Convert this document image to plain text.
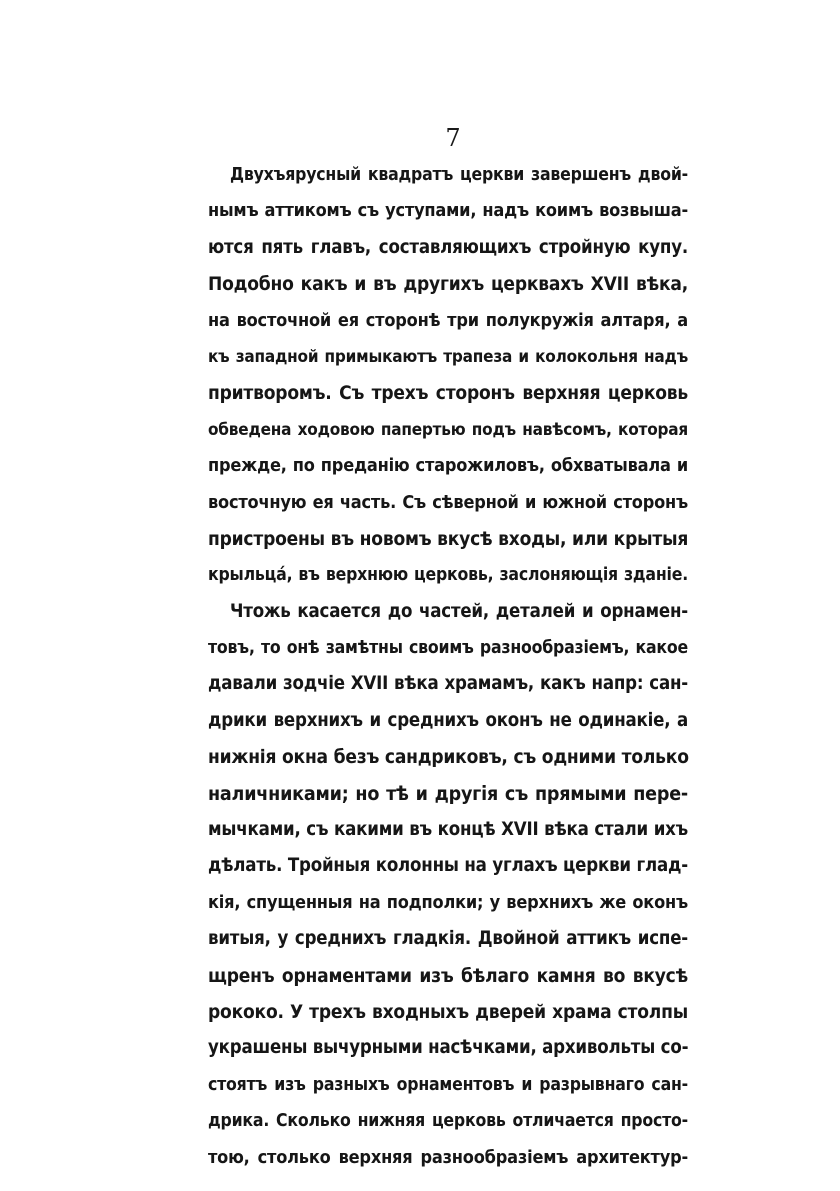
7
Двухъярусный квадратъ церкви завершенъ двой-
нымъ аттикомъ съ уступами, надъ коимъ возвыша-
ются пять главъ, составляющихъ стройную купу.
Подобно какъ и въ другихъ церквахъ XVII вѣка,
на восточной ея сторонѣ три полукружія алтаря, а
къ западной примыкаютъ трапеза и колокольня надъ
притворомъ. Съ трехъ сторонъ верхняя церковь
обведена ходовою папертью подъ навѣсомъ, которая
прежде, по преданію старожиловъ, обхватывала и
восточную ея часть. Съ сѣверной и южной сторонъ
пристроены въ новомъ вкусѣ входы, или крытыя
крыльцá, въ верхнюю церковь, заслоняющія зданіе.
Чтожь касается до частей, деталей и орнамен-
товъ, то онѣ замѣтны своимъ разнообразіемъ, какое
давали зодчіе XVII вѣка храмамъ, какъ напр: сан-
дрики верхнихъ и среднихъ оконъ не одинакіе, а
нижнія окна безъ сандриковъ, съ одними только
наличниками; но тѣ и другія съ прямыми пере-
мычками, съ какими въ концѣ XVII вѣка стали ихъ
дѣлать. Тройныя колонны на углахъ церкви глад-
кія, спущенныя на подполки; у верхнихъ же оконъ
витыя, у среднихъ гладкія. Двойной аттикъ испе-
щренъ орнаментами изъ бѣлаго камня во вкусѣ
рококо. У трехъ входныхъ дверей храма столпы
украшены вычурными насѣчками, архивольты со-
стоятъ изъ разныхъ орнаментовъ и разрывнаго сан-
дрика. Сколько нижняя церковь отличается просто-
тою, столько верхняя разнообразіемъ архитектур-
